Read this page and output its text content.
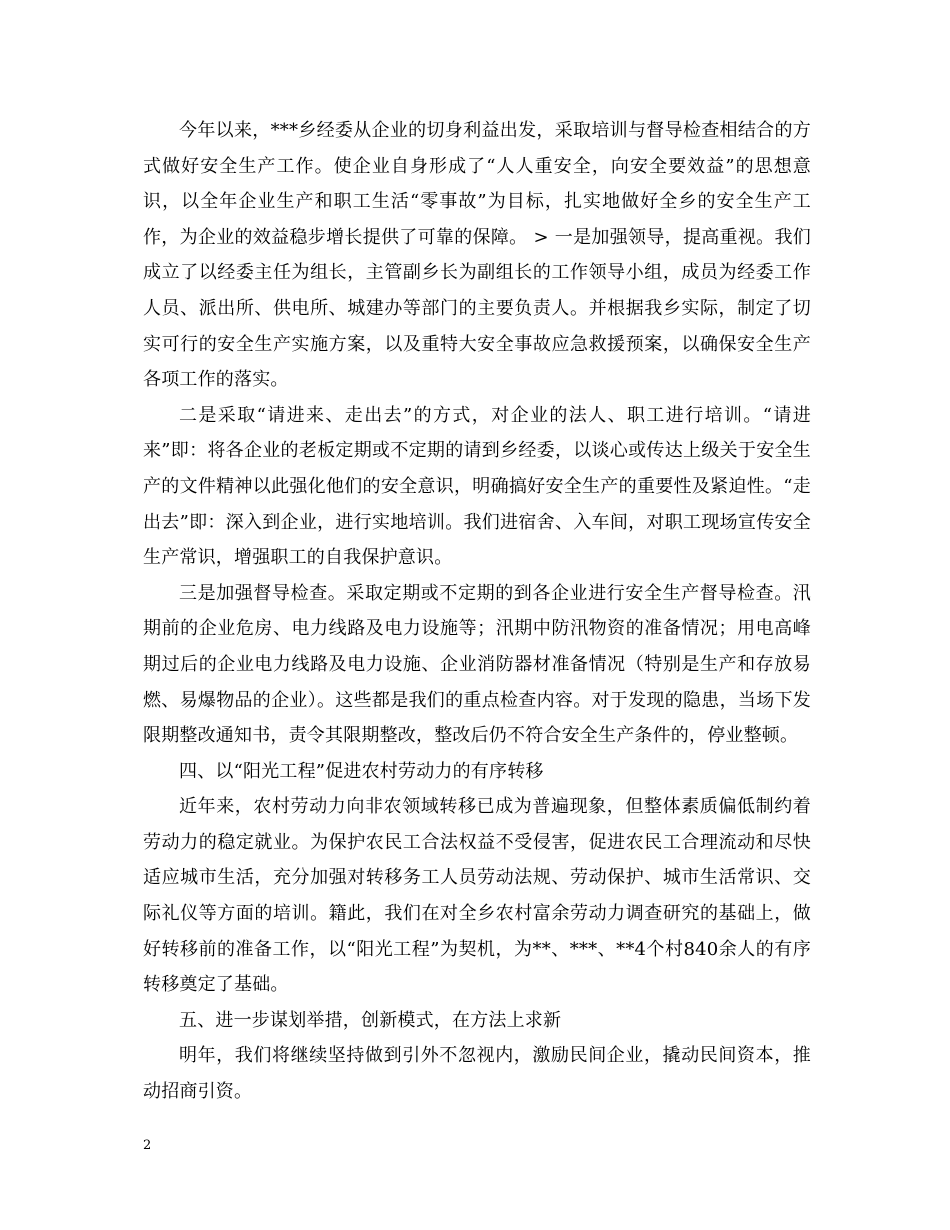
今年以来，***乡经委从企业的切身利益出发，采取培训与督导检查相结合的方式做好安全生产工作。使企业自身形成了“人人重安全，向安全要效益”的思想意识，以全年企业生产和职工生活“零事故”为目标，扎实地做好全乡的安全生产工作，为企业的效益稳步增长提供了可靠的保障。 > 一是加强领导，提高重视。我们成立了以经委主任为组长，主管副乡长为副组长的工作领导小组，成员为经委工作人员、派出所、供电所、城建办等部门的主要负责人。并根据我乡实际，制定了切实可行的安全生产实施方案，以及重特大安全事故应急救援预案，以确保安全生产各项工作的落实。

二是采取“请进来、走出去”的方式，对企业的法人、职工进行培训。“请进来”即：将各企业的老板定期或不定期的请到乡经委，以谈心或传达上级关于安全生产的文件精神以此强化他们的安全意识，明确搞好安全生产的重要性及紧迫性。“走出去”即：深入到企业，进行实地培训。我们进宿舍、入车间，对职工现场宣传安全生产常识，增强职工的自我保护意识。

三是加强督导检查。采取定期或不定期的到各企业进行安全生产督导检查。汛期前的企业危房、电力线路及电力设施等；汛期中防汛物资的准备情况；用电高峰期过后的企业电力线路及电力设施、企业消防器材准备情况（特别是生产和存放易燃、易爆物品的企业）。这些都是我们的重点检查内容。对于发现的隐患，当场下发限期整改通知书，责令其限期整改，整改后仍不符合安全生产条件的，停业整顿。

四、以“阳光工程”促进农村劳动力的有序转移

近年来，农村劳动力向非农领域转移已成为普遍现象，但整体素质偏低制约着劳动力的稳定就业。为保护农民工合法权益不受侵害，促进农民工合理流动和尽快适应城市生活，充分加强对转移务工人员劳动法规、劳动保护、城市生活常识、交际礼仪等方面的培训。籍此，我们在对全乡农村富余劳动力调查研究的基础上，做好转移前的准备工作，以“阳光工程”为契机，为**、***、**4个村840余人的有序转移奠定了基础。

五、进一步谋划举措，创新模式，在方法上求新

明年，我们将继续坚持做到引外不忽视内，激励民间企业，撬动民间资本，推动招商引资。

2
